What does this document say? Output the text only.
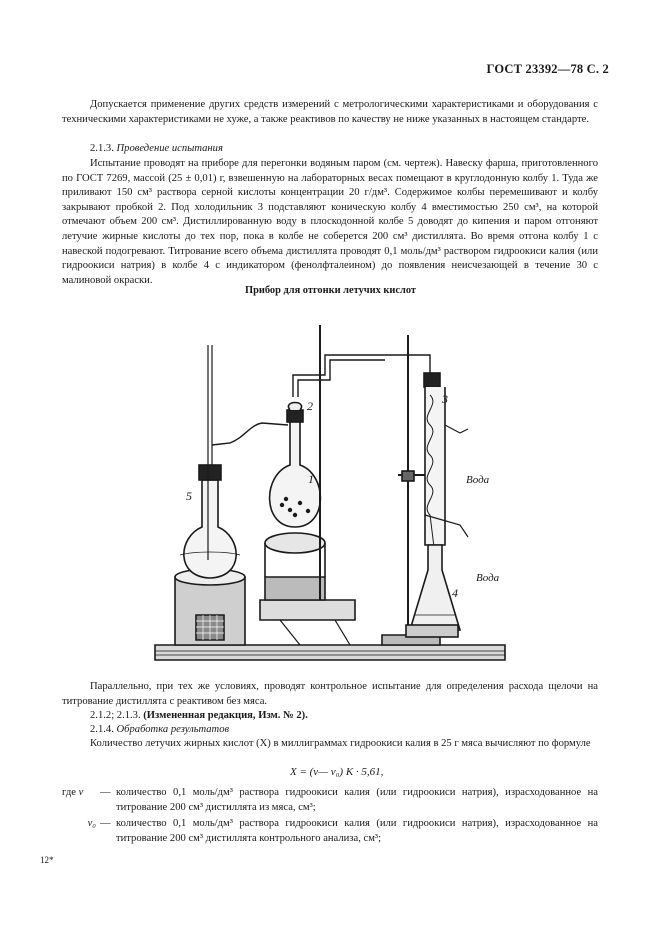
ГОСТ 23392—78 С. 2
Допускается применение других средств измерений с метрологическими характеристиками и оборудования с техническими характеристиками не хуже, а также реактивов по качеству не ниже указанных в настоящем стандарте.
2.1.3. Проведение испытания
Испытание проводят на приборе для перегонки водяным паром (см. чертеж). Навеску фарша, приготовленного по ГОСТ 7269, массой (25 ± 0,01) г, взвешенную на лабораторных весах помещают в круглодонную колбу 1. Туда же приливают 150 см³ раствора серной кислоты концентрации 20 г/дм³. Содержимое колбы перемешивают и колбу закрывают пробкой 2. Под холодильник 3 подставляют коническую колбу 4 вместимостью 250 см³, на которой отмечают объем 200 см³. Дистиллированную воду в плоскодонной колбе 5 доводят до кипения и паром отгоняют летучие жирные кислоты до тех пор, пока в колбе не соберется 200 см³ дистиллята. Во время отгона колбу 1 с навеской подогревают. Титрование всего объема дистиллята проводят 0,1 моль/дм³ раствором гидроокиси калия (или гидроокиси натрия) в колбе 4 с индикатором (фенолфталеином) до появления неисчезающей в течение 30 с малиновой окраски.
Прибор для отгонки летучих кислот
5
1
2	3
4
Вода
Вода
Параллельно, при тех же условиях, проводят контрольное испытание для определения расхода щелочи на титрование дистиллята с реактивом без мяса.
2.1.2; 2.1.3. (Измененная редакция, Изм. № 2).
2.1.4. Обработка результатов
Количество летучих жирных кислот (X) в миллиграммах гидроокиси калия в 25 г мяса вычисляют по формуле
X = (v— v₀) K · 5,61,
где v	— количество 0,1 моль/дм³ раствора гидроокиси калия (или гидроокиси натрия), израсходованное на титрование 200 см³ дистиллята из мяса, см³;
v₀ — количество 0,1 моль/дм³ раствора гидроокиси калия (или гидроокиси натрия), израсходованное на титрование 200 см³ дистиллята контрольного анализа, см³;
12*
